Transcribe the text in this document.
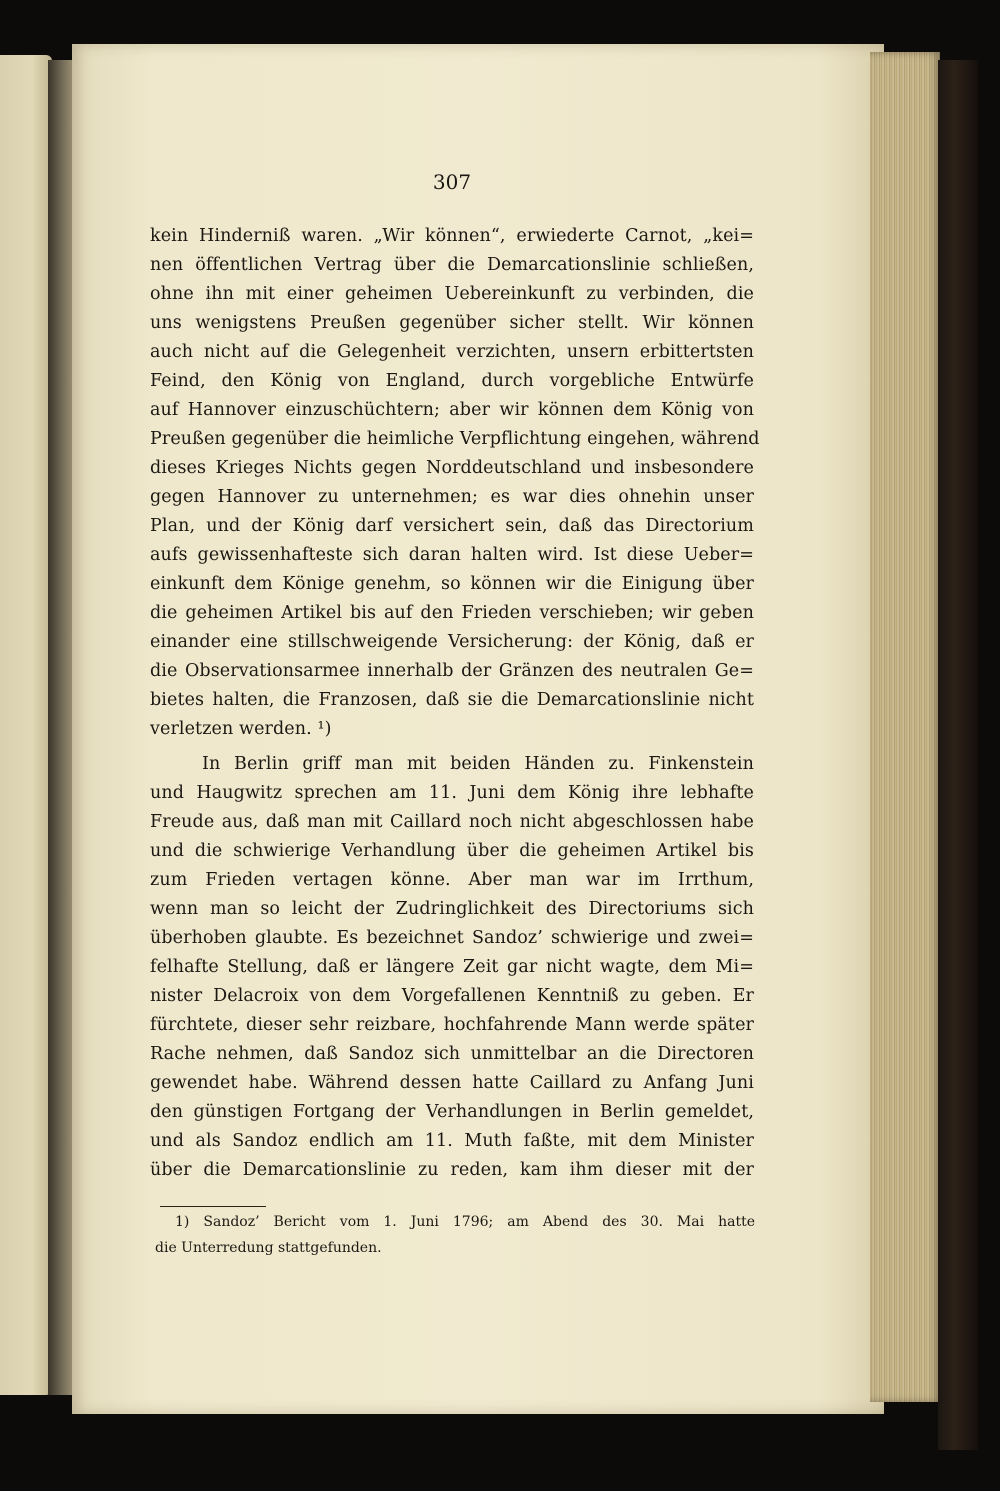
307
kein Hinderniß waren. „Wir können“, erwiederte Carnot, „kei=
nen öffentlichen Vertrag über die Demarcationslinie schließen,
ohne ihn mit einer geheimen Uebereinkunft zu verbinden, die
uns wenigstens Preußen gegenüber sicher stellt. Wir können
auch nicht auf die Gelegenheit verzichten, unsern erbittertsten
Feind, den König von England, durch vorgebliche Entwürfe
auf Hannover einzuschüchtern; aber wir können dem König von
Preußen gegenüber die heimliche Verpflichtung eingehen, während
dieses Krieges Nichts gegen Norddeutschland und insbesondere
gegen Hannover zu unternehmen; es war dies ohnehin unser
Plan, und der König darf versichert sein, daß das Directorium
aufs gewissenhafteste sich daran halten wird. Ist diese Ueber=
einkunft dem Könige genehm, so können wir die Einigung über
die geheimen Artikel bis auf den Frieden verschieben; wir geben
einander eine stillschweigende Versicherung: der König, daß er
die Observationsarmee innerhalb der Gränzen des neutralen Ge=
bietes halten, die Franzosen, daß sie die Demarcationslinie nicht
verletzen werden. ¹)
In Berlin griff man mit beiden Händen zu. Finkenstein
und Haugwitz sprechen am 11. Juni dem König ihre lebhafte
Freude aus, daß man mit Caillard noch nicht abgeschlossen habe
und die schwierige Verhandlung über die geheimen Artikel bis
zum Frieden vertagen könne. Aber man war im Irrthum,
wenn man so leicht der Zudringlichkeit des Directoriums sich
überhoben glaubte. Es bezeichnet Sandoz’ schwierige und zwei=
felhafte Stellung, daß er längere Zeit gar nicht wagte, dem Mi=
nister Delacroix von dem Vorgefallenen Kenntniß zu geben. Er
fürchtete, dieser sehr reizbare, hochfahrende Mann werde später
Rache nehmen, daß Sandoz sich unmittelbar an die Directoren
gewendet habe. Während dessen hatte Caillard zu Anfang Juni
den günstigen Fortgang der Verhandlungen in Berlin gemeldet,
und als Sandoz endlich am 11. Muth faßte, mit dem Minister
über die Demarcationslinie zu reden, kam ihm dieser mit der
1) Sandoz’ Bericht vom 1. Juni 1796; am Abend des 30. Mai hatte
die Unterredung stattgefunden.
